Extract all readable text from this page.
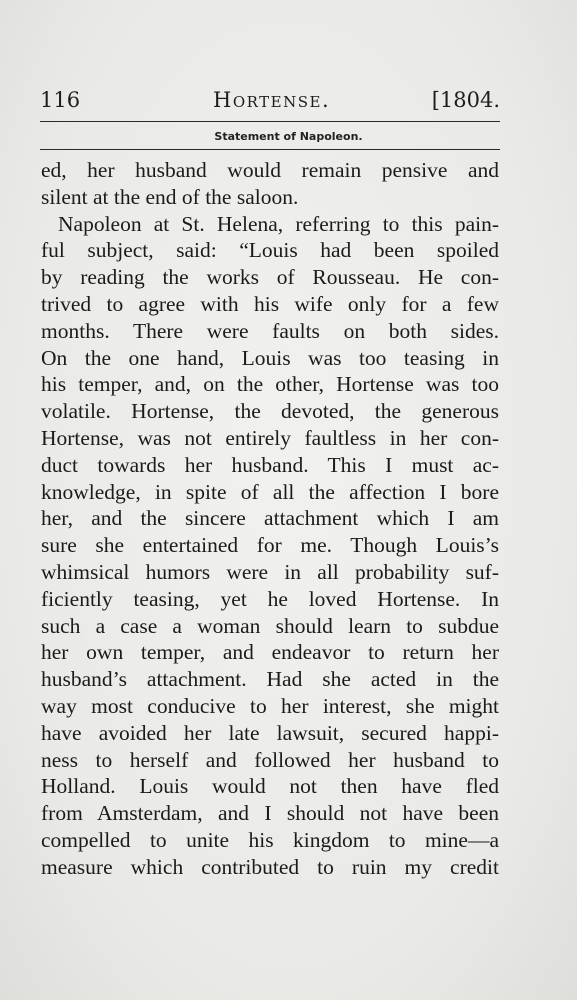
116	Hortense.	[1804.
Statement of Napoleon.
ed, her husband would remain pensive and
silent at the end of the saloon.
Napoleon at St. Helena, referring to this pain-
ful subject, said: “Louis had been spoiled
by reading the works of Rousseau. He con-
trived to agree with his wife only for a few
months. There were faults on both sides.
On the one hand, Louis was too teasing in
his temper, and, on the other, Hortense was too
volatile. Hortense, the devoted, the generous
Hortense, was not entirely faultless in her con-
duct towards her husband. This I must ac-
knowledge, in spite of all the affection I bore
her, and the sincere attachment which I am
sure she entertained for me. Though Louis’s
whimsical humors were in all probability suf-
ficiently teasing, yet he loved Hortense. In
such a case a woman should learn to subdue
her own temper, and endeavor to return her
husband’s attachment. Had she acted in the
way most conducive to her interest, she might
have avoided her late lawsuit, secured happi-
ness to herself and followed her husband to
Holland. Louis would not then have fled
from Amsterdam, and I should not have been
compelled to unite his kingdom to mine—a
measure which contributed to ruin my credit
